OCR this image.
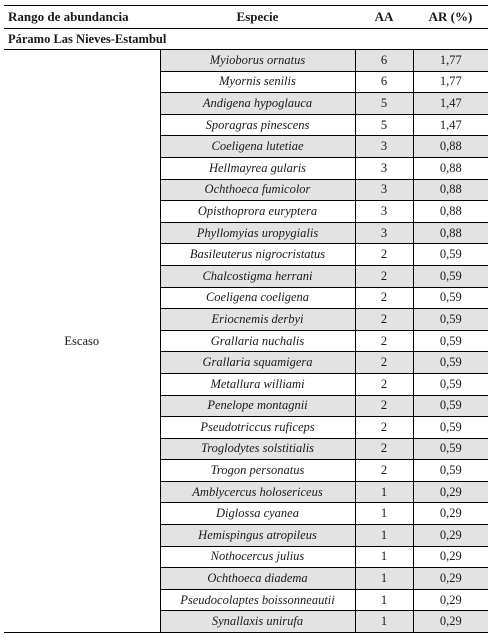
Rango de abundancia	Especie	AA	AR (%)
Páramo Las Nieves-Estambul			
Escaso	Myioborus ornatus	6	1,77
	Myornis senilis	6	1,77
	Andigena hypoglauca	5	1,47
	Sporagras pinescens	5	1,47
	Coeligena lutetiae	3	0,88
	Hellmayrea gularis	3	0,88
	Ochthoeca fumicolor	3	0,88
	Opisthoprora euryptera	3	0,88
	Phyllomyias uropygialis	3	0,88
	Basileuterus nigrocristatus	2	0,59
	Chalcostigma herrani	2	0,59
	Coeligena coeligena	2	0,59
	Eriocnemis derbyi	2	0,59
	Grallaria nuchalis	2	0,59
	Grallaria squamigera	2	0,59
	Metallura williami	2	0,59
	Penelope montagnii	2	0,59
	Pseudotriccus ruficeps	2	0,59
	Troglodytes solstitialis	2	0,59
	Trogon personatus	2	0,59
	Amblycercus holosericeus	1	0,29
	Diglossa cyanea	1	0,29
	Hemispingus atropileus	1	0,29
	Nothocercus julius	1	0,29
	Ochthoeca diadema	1	0,29
	Pseudocolaptes boissonneautii	1	0,29
	Synallaxis unirufa	1	0,29
